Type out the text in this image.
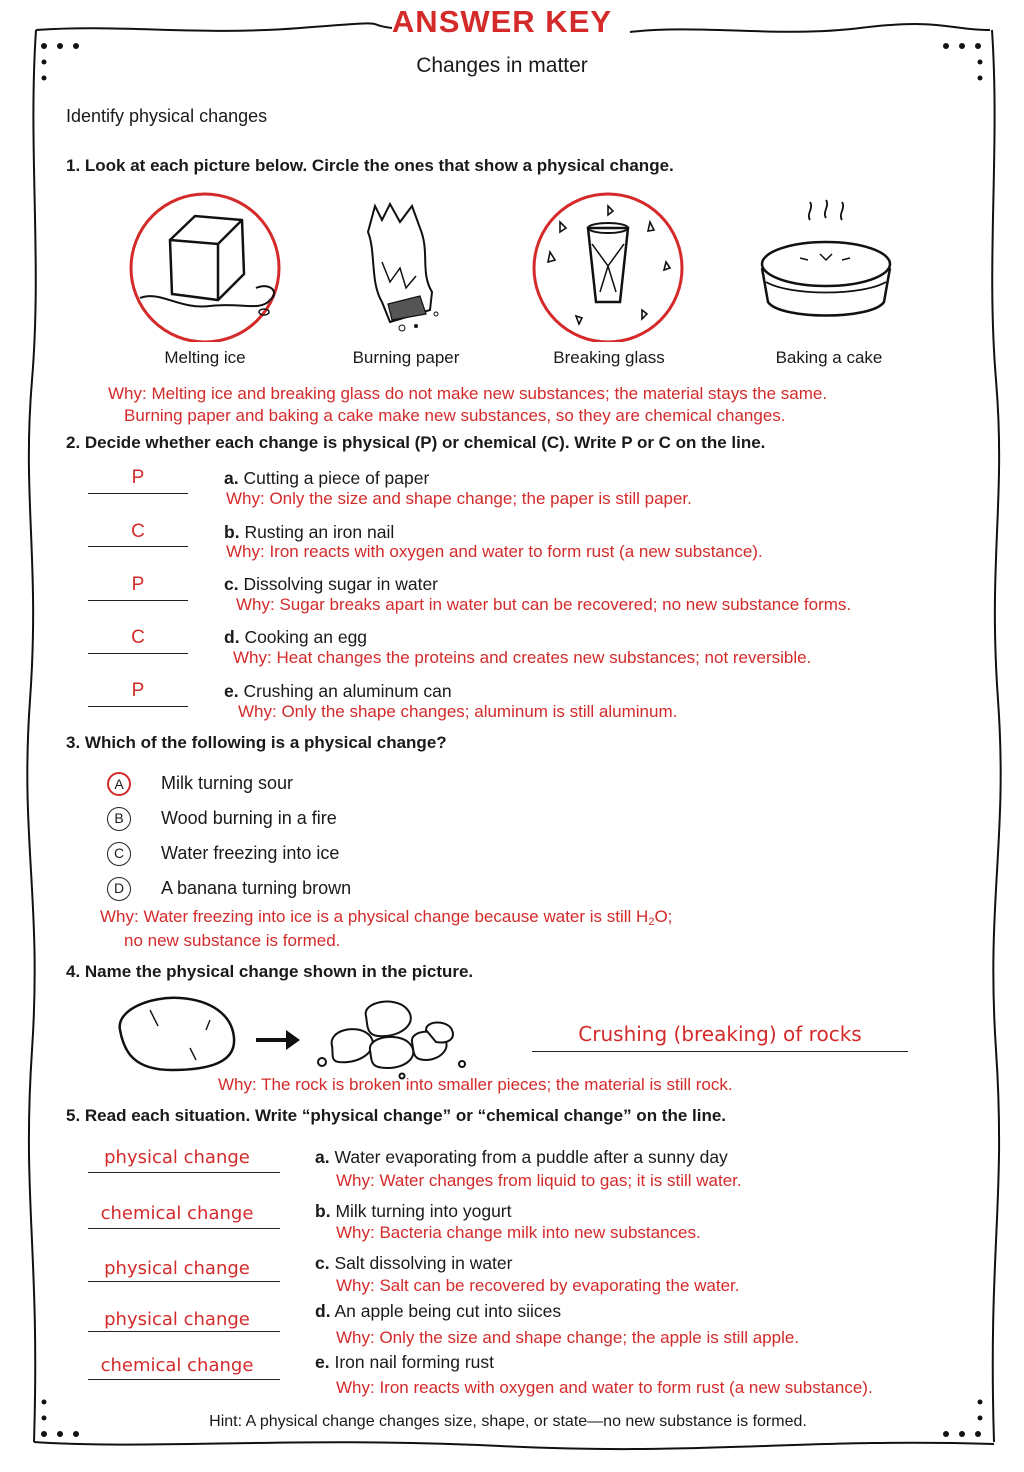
ANSWER KEY
Changes in matter
Identify physical changes
1. Look at each picture below. Circle the ones that show a physical change.
Melting ice	Burning paper	Breaking glass	Baking a cake
Why: Melting ice and breaking glass do not make new substances; the material stays the same.
Burning paper and baking a cake make new substances, so they are chemical changes.
2. Decide whether each change is physical (P) or chemical (C). Write P or C on the line.
P	a. Cutting a piece of paper
Why: Only the size and shape change; the paper is still paper.
C	b. Rusting an iron nail
Why: Iron reacts with oxygen and water to form rust (a new substance).
P	c. Dissolving sugar in water
Why: Sugar breaks apart in water but can be recovered; no new substance forms.
C	d. Cooking an egg
Why: Heat changes the proteins and creates new substances; not reversible.
P	e. Crushing an aluminum can
Why: Only the shape changes; aluminum is still aluminum.
3. Which of the following is a physical change?
A	Milk turning sour
B	Wood burning in a fire
C	Water freezing into ice
D	A banana turning brown
Why: Water freezing into ice is a physical change because water is still H2O;
no new substance is formed.
4. Name the physical change shown in the picture.
Crushing (breaking) of rocks
Why: The rock is broken into smaller pieces; the material is still rock.
5. Read each situation. Write “physical change” or “chemical change” on the line.
physical change	a. Water evaporating from a puddle after a sunny day
Why: Water changes from liquid to gas; it is still water.
chemical change	b. Milk turning into yogurt
Why: Bacteria change milk into new substances.
physical change	c. Salt dissolving in water
Why: Salt can be recovered by evaporating the water.
physical change	d. An apple being cut into siices
Why: Only the size and shape change; the apple is still apple.
chemical change	e. Iron nail forming rust
Why: Iron reacts with oxygen and water to form rust (a new substance).
Hint: A physical change changes size, shape, or state—no new substance is formed.
